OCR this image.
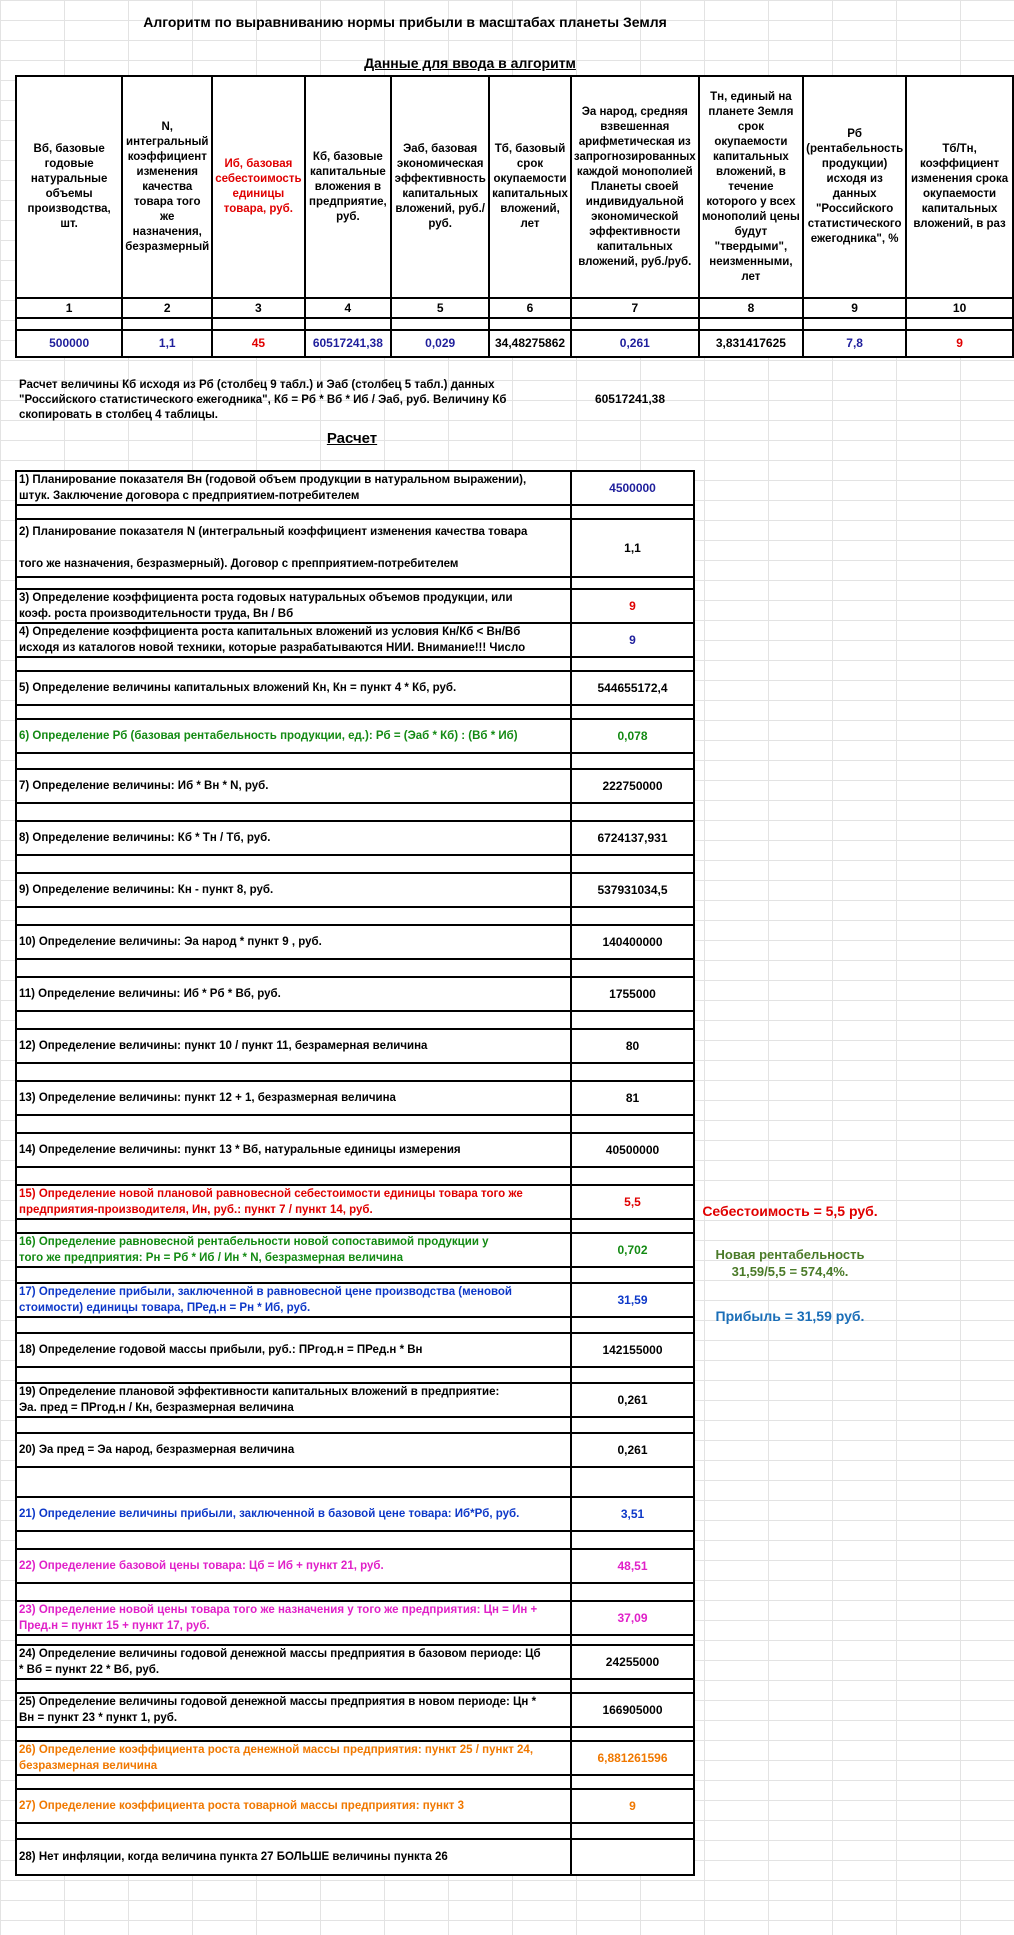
Алгоритм по выравниванию нормы прибыли в масштабах планеты Земля
Данные для ввода в алгоритм
Вб, базовые годовые натуральные объемы производства, шт.	N, интегральный коэффициент изменения качества товара того же назначения, безразмерный	Иб, базовая себестоимость единицы товара, руб.	Кб, базовые капитальные вложения в предприятие, руб.	Эаб, базовая экономическая эффективность капитальных вложений, руб./руб.	Тб, базовый срок окупаемости капитальных вложений, лет	Эа народ, средняя взвешенная арифметическая из запрогнозированных каждой монополией Планеты своей индивидуальной экономической эффективности капитальных вложений, руб./руб.	Тн, единый на планете Земля срок окупаемости капитальных вложений, в течение которого у всех монополий цены будут "твердыми", неизменными, лет	Рб (рентабельность продукции) исходя из данных "Российского статистического ежегодника", %	Тб/Тн, коэффициент изменения срока окупаемости капитальных вложений, в раз
1	2	3	4	5	6	7	8	9	10

500000	1,1	45	60517241,38	0,029	34,48275862	0,261	3,831417625	7,8	9
Расчет величины Кб исходя из Рб (столбец 9 табл.) и Эаб (столбец 5 табл.) данных "Российского статистического ежегодника", Кб = Рб * Вб * Иб / Эаб, руб. Величину Кб скопировать в столбец 4 таблицы.
60517241,38
Расчет
1) Планирование показателя Вн (годовой объем продукции в натуральном выражении),
штук. Заключение договора с предприятием-потребителем
4500000
2) Планирование показателя N (интегральный коэффициент изменения качества товара
того же назначения, безразмерный). Договор с препприятием-потребителем
1,1
3) Определение коэффициента роста годовых натуральных объемов продукции, или
коэф. роста производительности труда, Вн / Вб
9
4) Определение коэффициента роста капитальных вложений из условия Кн/Кб < Вн/Вб
исходя из каталогов новой техники, которые разрабатываются НИИ. Внимание!!! Число
9
5) Определение величины капитальных вложений Кн, Кн = пункт 4 * Кб, руб.	544655172,4
6) Определение Рб (базовая рентабельность продукции, ед.): Рб = (Эаб * Кб) : (Вб * Иб)	0,078
7) Определение величины: Иб * Вн * N, руб.	222750000
8) Определение величины: Кб * Тн / Тб, руб.	6724137,931
9) Определение величины: Кн - пункт 8, руб.	537931034,5
10) Определение величины: Эа народ * пункт 9 , руб.	140400000
11) Определение величины: Иб * Рб * Вб, руб.	1755000
12) Определение величины: пункт 10 / пункт 11, безрамерная величина	80
13) Определение величины: пункт 12 + 1, безразмерная величина	81
14) Определение величины: пункт 13 * Вб, натуральные единицы измерения	40500000
15) Определение новой плановой равновесной себестоимости единицы товара того же
предприятия-производителя, Ин, руб.: пункт 7 / пункт 14, руб.
5,5
16) Определение равновесной рентабельности новой сопоставимой продукции у
того же предприятия: Рн = Рб * Иб / Ин * N, безразмерная величина
0,702
17) Определение прибыли, заключенной в равновесной цене производства (меновой
стоимости) единицы товара, ПРед.н = Рн * Иб, руб.
31,59
18) Определение годовой массы прибыли, руб.: ПРгод.н = ПРед.н * Вн	142155000
19) Определение плановой эффективности капитальных вложений в предприятие:
Эа. пред = ПРгод.н / Кн, безразмерная величина
0,261
20) Эа пред = Эа народ, безразмерная величина	0,261
21) Определение величины прибыли, заключенной в базовой цене товара: Иб*Рб, руб.	3,51
22) Определение базовой цены товара: Цб = Иб + пункт 21, руб.	48,51
23) Определение новой цены товара того же назначения у того же предприятия: Цн = Ин +
Пред.н = пункт 15 + пункт 17, руб.
37,09
24) Определение величины годовой денежной массы предприятия в базовом периоде: Цб
* Вб = пункт 22 * Вб, руб.
24255000
25) Определение величины годовой денежной массы предприятия в новом периоде: Цн *
Вн = пункт 23 * пункт 1, руб.
166905000
26) Определение коэффициента роста денежной массы предприятия: пункт 25 / пункт 24,
безразмерная величина
6,881261596
27) Определение коэффициента роста товарной массы предприятия: пункт 3	9
28) Нет инфляции, когда величина пункта 27 БОЛЬШЕ величины пункта 26
Себестоимость = 5,5 руб.
Новая рентабельность
31,59/5,5 = 574,4%.
Прибыль = 31,59 руб.
